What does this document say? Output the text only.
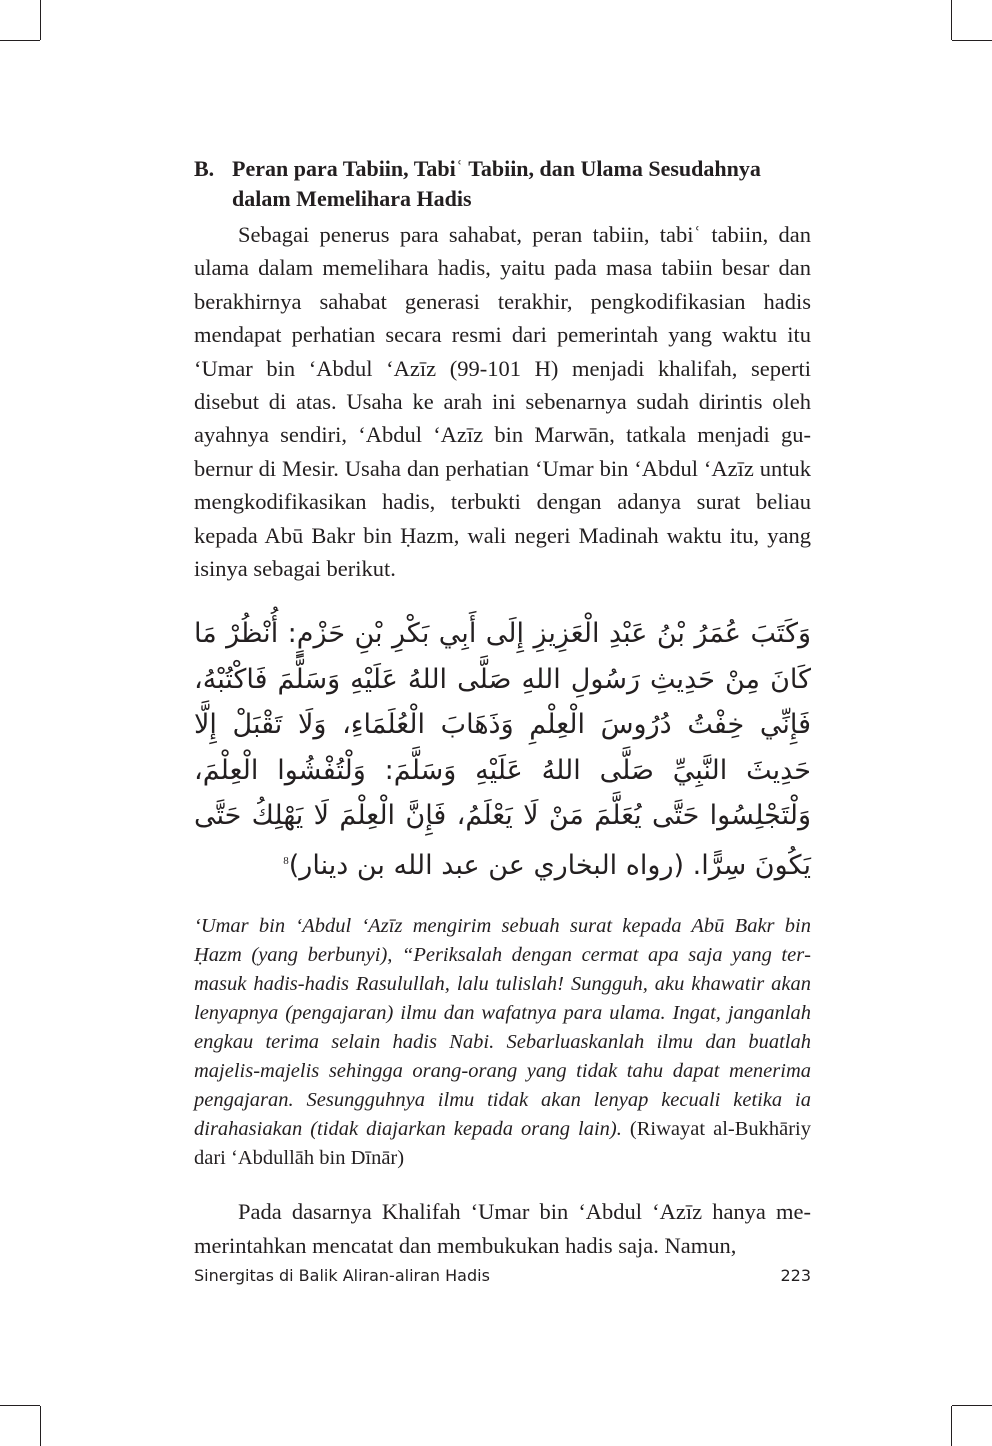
B. Peran para Tabiin, Tabiʿ Tabiin, dan Ulama Sesudahnya dalam Memelihara Hadis

Sebagai penerus para sahabat, peran tabiin, tabiʿ tabiin, dan ulama dalam memelihara hadis, yaitu pada masa tabiin besar dan berakhirnya sahabat generasi terakhir, pengkodifikasian hadis mendapat perhatian secara resmi dari pemerintah yang waktu itu ʻUmar bin ʻAbdul ʻAzīz (99-101 H) menjadi khalifah, seperti disebut di atas. Usaha ke arah ini sebenarnya sudah dirintis oleh ayahnya sendiri, ʻAbdul ʻAzīz bin Marwān, tatkala menjadi gubernur di Mesir. Usaha dan perhatian ʻUmar bin ʻAbdul ʻAzīz untuk mengkodifikasikan hadis, terbukti dengan adanya surat beliau kepada Abū Bakr bin Ḥazm, wali negeri Madinah waktu itu, yang isinya sebagai berikut.

وَكَتَبَ عُمَرُ بْنُ عَبْدِ الْعَزِيزِ إِلَى أَبِي بَكْرِ بْنِ حَزْمٍ: أُنْظُرْ مَا كَانَ مِنْ حَدِيثِ رَسُولِ اللهِ صَلَّى اللهُ عَلَيْهِ وَسَلَّمَ فَاكْتُبْهُ، فَإِنِّي خِفْتُ دُرُوسَ الْعِلْمِ وَذَهَابَ الْعُلَمَاءِ، وَلَا تَقْبَلْ إِلَّا حَدِيثَ النَّبِيِّ صَلَّى اللهُ عَلَيْهِ وَسَلَّمَ: وَلْتُفْشُوا الْعِلْمَ، وَلْتَجْلِسُوا حَتَّى يُعَلَّمَ مَنْ لَا يَعْلَمُ، فَإِنَّ الْعِلْمَ لَا يَهْلِكُ حَتَّى يَكُونَ سِرًّا. (رواه البخاري عن عبد الله بن دينار)$^8$
ʻUmar bin ʻAbdul ʻAzīz mengirim sebuah surat kepada Abū Bakr bin Ḥazm (yang berbunyi), “Periksalah dengan cermat apa saja yang termasuk hadis-hadis Rasulullah, lalu tulislah! Sungguh, aku khawatir akan lenyapnya (pengajaran) ilmu dan wafatnya para ulama. Ingat, janganlah engkau terima selain hadis Nabi. Sebarluaskanlah ilmu dan buatlah majelis-majelis sehingga orang-orang yang tidak tahu dapat menerima pengajaran. Sesungguhnya ilmu tidak akan lenyap kecuali ketika ia dirahasiakan (tidak diajarkan kepada orang lain). (Riwayat al-Bukhāriy dari ʻAbdullāh bin Dīnār)

Pada dasarnya Khalifah ʻUmar bin ʻAbdul ʻAzīz hanya memerintahkan mencatat dan membukukan hadis saja. Namun,

Sinergitas di Balik Aliran-aliran Hadis	223
